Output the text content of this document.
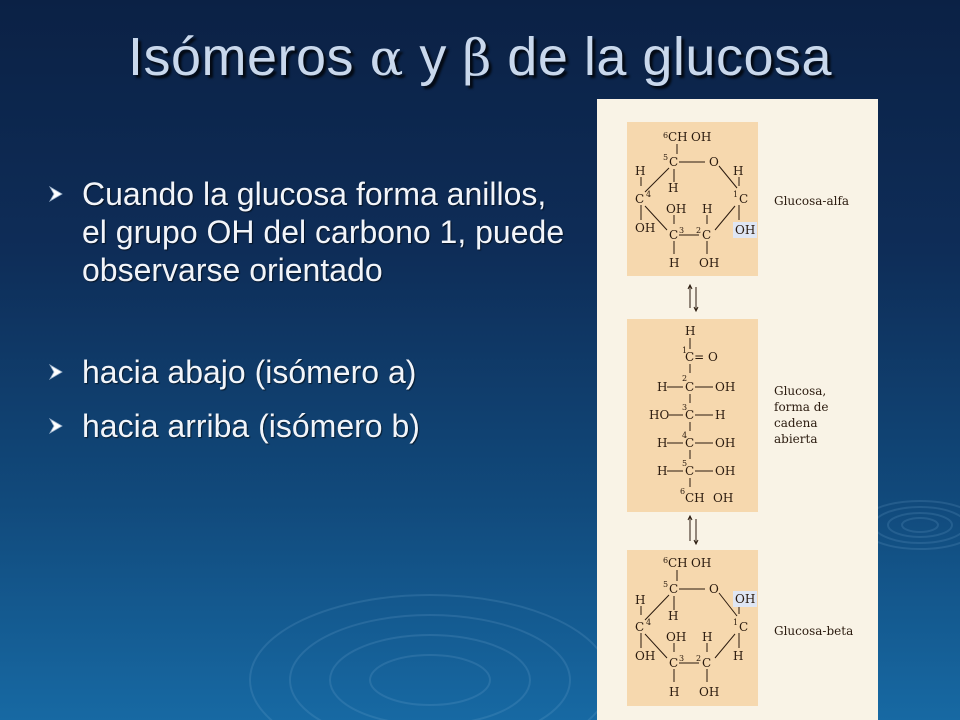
Isómeros α y β de la glucosa
Cuando la glucosa forma anillos, el grupo OH del carbono 1, puede observarse orientado
hacia abajo (isómero a)
hacia arriba (isómero b)
6 CH OH
5 C	O
H	H
H
C 4	1 C
OH H
OH C 3 2 C
H OH
OH
Glucosa-alfa
H
1
C= O
2
H C OH
3
HO C H
4
H C OH
5
H C OH
6 CH OH
Glucosa,
forma de
cadena
abierta
6 CH OH
5 C	O
H
H
C 4	1 C
OH H
OH	H
C 3 2 C
H OH
OH
Glucosa-beta
